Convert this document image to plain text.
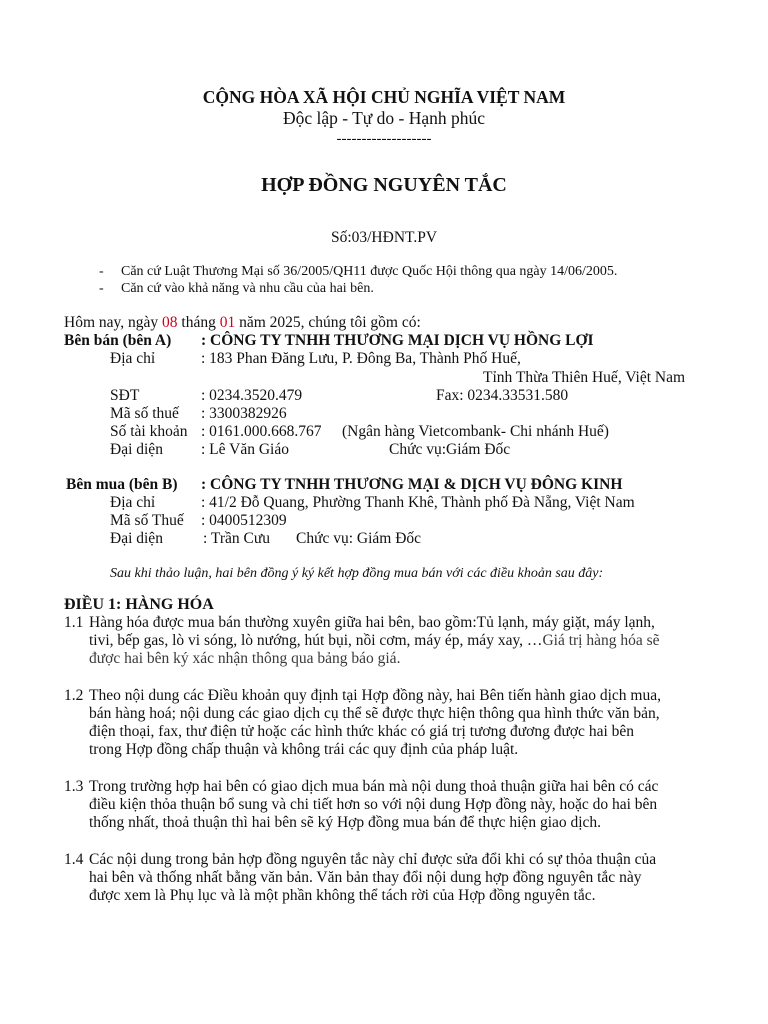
CỘNG HÒA XÃ HỘI CHỦ NGHĨA VIỆT NAM
Độc lập - Tự do - Hạnh phúc
-------------------
HỢP ĐỒNG NGUYÊN TẮC
Số:03/HĐNT.PV
- Căn cứ Luật Thương Mại số 36/2005/QH11 được Quốc Hội thông qua ngày 14/06/2005.
- Căn cứ vào khả năng và nhu cầu của hai bên.
Hôm nay, ngày 08 tháng 01 năm 2025, chúng tôi gồm có:
Bên bán (bên A) : CÔNG TY TNHH THƯƠNG MẠI DỊCH VỤ HỒNG LỢI
Địa chỉ	: 183 Phan Đăng Lưu, P. Đông Ba, Thành Phố Huế,
Tỉnh Thừa Thiên Huế, Việt Nam
SĐT	: 0234.3520.479	Fax: 0234.33531.580
Mã số thuế : 3300382926
Số tài khoản : 0161.000.668.767 (Ngân hàng Vietcombank- Chi nhánh Huế)
Đại diện : Lê Văn Giáo	Chức vụ:Giám Đốc
Bên mua (bên B) : CÔNG TY TNHH THƯƠNG MẠI & DỊCH VỤ ĐÔNG KINH
Địa chỉ	: 41/2 Đỗ Quang, Phường Thanh Khê, Thành phố Đà Nẵng, Việt Nam
Mã số Thuế : 0400512309
Đại diện	: Trần Cưu Chức vụ: Giám Đốc
Sau khi thảo luận, hai bên đồng ý ký kết hợp đồng mua bán với các điều khoản sau đây:
ĐIỀU 1: HÀNG HÓA
1.1 Hàng hóa được mua bán thường xuyên giữa hai bên, bao gồm:Tủ lạnh, máy giặt, máy lạnh,
tivi, bếp gas, lò vi sóng, lò nướng, hút bụi, nồi cơm, máy ép, máy xay, …Giá trị hàng hóa sẽ
được hai bên ký xác nhận thông qua bảng báo giá.
1.2 Theo nội dung các Điều khoản quy định tại Hợp đồng này, hai Bên tiến hành giao dịch mua,
bán hàng hoá; nội dung các giao dịch cụ thể sẽ được thực hiện thông qua hình thức văn bản,
điện thoại, fax, thư điện tử hoặc các hình thức khác có giá trị tương đương được hai bên
trong Hợp đồng chấp thuận và không trái các quy định của pháp luật.
1.3 Trong trường hợp hai bên có giao dịch mua bán mà nội dung thoả thuận giữa hai bên có các
điều kiện thỏa thuận bổ sung và chi tiết hơn so với nội dung Hợp đồng này, hoặc do hai bên
thống nhất, thoả thuận thì hai bên sẽ ký Hợp đồng mua bán để thực hiện giao dịch.
1.4 Các nội dung trong bản hợp đồng nguyên tắc này chỉ được sửa đổi khi có sự thỏa thuận của
hai bên và thống nhất bằng văn bản. Văn bản thay đổi nội dung hợp đồng nguyên tắc này
được xem là Phụ lục và là một phần không thể tách rời của Hợp đồng nguyên tắc.
